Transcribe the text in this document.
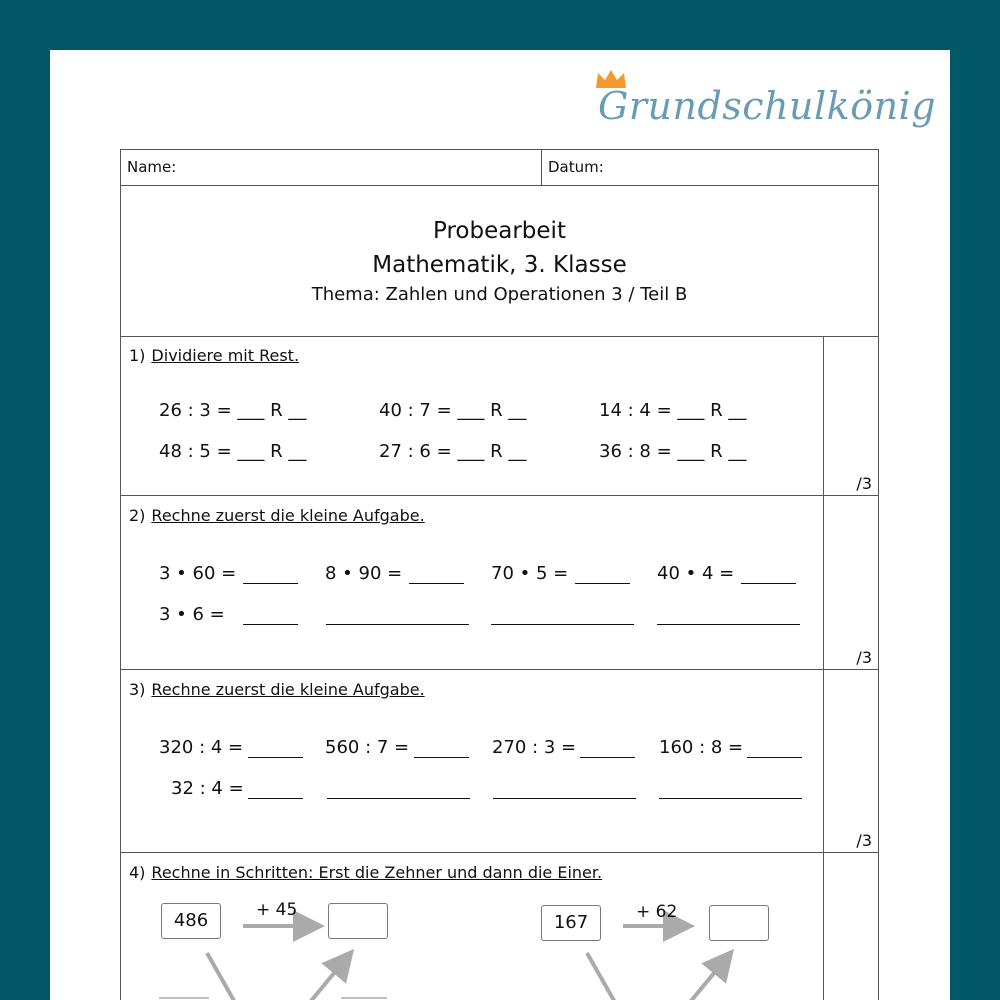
Grundschulkönig
Name:	Datum:
Probearbeit
Mathematik, 3. Klasse
Thema: Zahlen und Operationen 3 / Teil B
1) Dividiere mit Rest.
26 : 3 = ___ R __	40 : 7 = ___ R __	14 : 4 = ___ R __
48 : 5 = ___ R __	27 : 6 = ___ R __	36 : 8 = ___ R __
/3
2) Rechne zuerst die kleine Aufgabe.
3 • 60 =	8 • 90 =	70 • 5 =	40 • 4 =
3 • 6 =
/3
3) Rechne zuerst die kleine Aufgabe.
320 : 4 =	560 : 7 =	270 : 3 =	160 : 8 =
32 : 4 =
/3
4) Rechne in Schritten: Erst die Zehner und dann die Einer.
486	+ 45
167	+ 62
